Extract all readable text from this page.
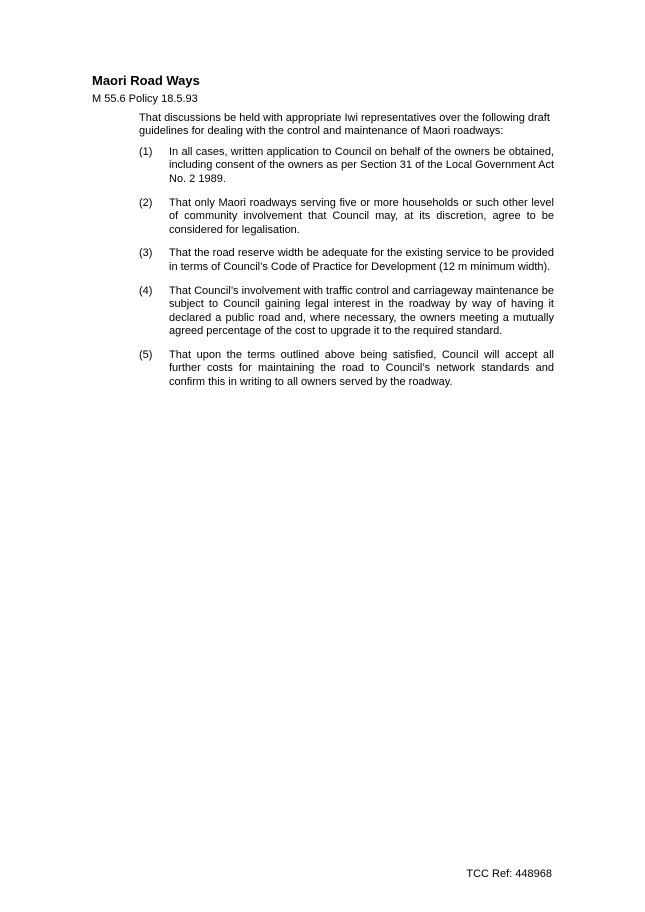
Maori Road Ways

M 55.6 Policy 18.5.93

That discussions be held with appropriate Iwi representatives over the following draft guidelines for dealing with the control and maintenance of Maori roadways:

(1) In all cases, written application to Council on behalf of the owners be obtained, including consent of the owners as per Section 31 of the Local Government Act No. 2 1989.
(2) That only Maori roadways serving five or more households or such other level of community involvement that Council may, at its discretion, agree to be considered for legalisation.
(3) That the road reserve width be adequate for the existing service to be provided in terms of Council’s Code of Practice for Development (12 m minimum width).
(4) That Council’s involvement with traffic control and carriageway maintenance be subject to Council gaining legal interest in the roadway by way of having it declared a public road and, where necessary, the owners meeting a mutually agreed percentage of the cost to upgrade it to the required standard.
(5) That upon the terms outlined above being satisfied, Council will accept all further costs for maintaining the road to Council’s network standards and confirm this in writing to all owners served by the roadway.

TCC Ref: 448968
